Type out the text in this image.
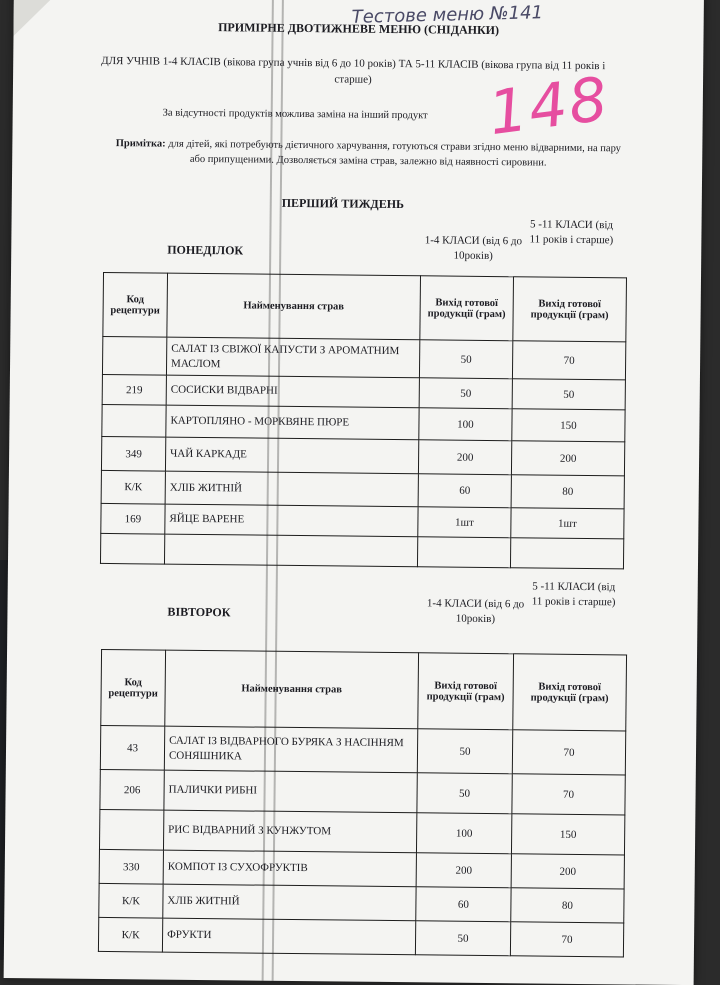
Тестове меню №141
148
ПРИМІРНЕ ДВОТИЖНЕВЕ МЕНЮ (СНІДАНКИ)
ДЛЯ УЧНІВ 1-4 КЛАСІВ (вікова група учнів від 6 до 10 років) ТА 5-11 КЛАСІВ (вікова група від 11 років і старше)
За відсутності продуктів можлива заміна на інший продукт
Примітка: для дітей, які потребують дієтичного харчування, готуються страви згідно меню відварними, на пару або припущеними. Дозволяється заміна страв, залежно від наявності сировини.
ПЕРШИЙ ТИЖДЕНЬ
ПОНЕДІЛОК
1-4 КЛАСИ (від 6 до 10років)
5 -11 КЛАСИ (від 11 років і старше)
Код рецептури	Найменування страв	Вихід готової продукції (грам)	Вихід готової продукції (грам)
	САЛАТ ІЗ СВІЖОЇ КАПУСТИ З АРОМАТНИМ МАСЛОМ	50	70
219	СОСИСКИ ВІДВАРНІ	50	50
	КАРТОПЛЯНО - МОРКВЯНЕ ПЮРЕ	100	150
349	ЧАЙ КАРКАДЕ	200	200
К/К	ХЛІБ ЖИТНІЙ	60	80
169	ЯЙЦЕ ВАРЕНЕ	1шт	1шт

ВІВТОРОК
1-4 КЛАСИ (від 6 до 10років)
5 -11 КЛАСИ (від 11 років і старше)
Код рецептури	Найменування страв	Вихід готової продукції (грам)	Вихід готової продукції (грам)
43	САЛАТ ІЗ ВІДВАРНОГО БУРЯКА З НАСІННЯМ СОНЯШНИКА	50	70
206	ПАЛИЧКИ РИБНІ	50	70
	РИС ВІДВАРНИЙ З КУНЖУТОМ	100	150
330	КОМПОТ ІЗ СУХОФРУКТІВ	200	200
К/К	ХЛІБ ЖИТНІЙ	60	80
К/К	ФРУКТИ	50	70
